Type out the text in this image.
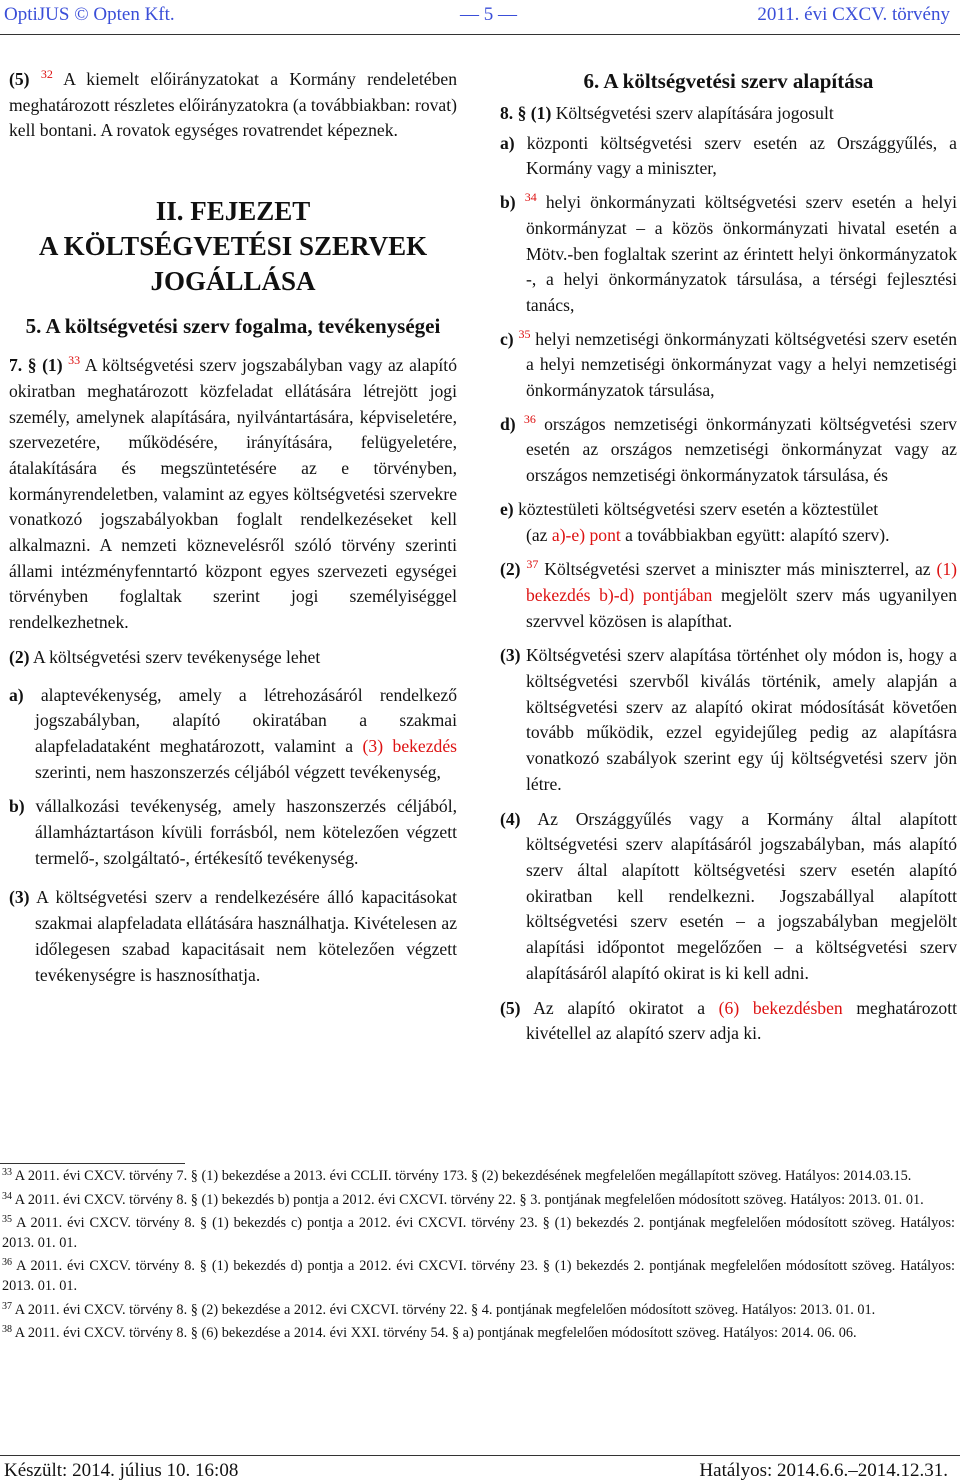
OptiJUS © Opten Kft.	— 5 —	2011. évi CXCV. törvény

(5) $^{32}$ A kiemelt előirányzatokat a Kormány rendeletében meghatározott részletes előirányzatokra (a továbbiakban: rovat) kell bontani. A rovatok egységes rovatrendet képeznek.

II. FEJEZET
A KÖLTSÉGVETÉSI SZERVEK
JOGÁLLÁSA
5. A költségvetési szerv fogalma, tevékenységei

7. § (1) $^{33}$ A költségvetési szerv jogszabályban vagy az alapító okiratban meghatározott közfeladat ellátására létrejött jogi személy, amelynek alapítására, nyilvántartására, képviseletére, szervezetére, működésére, irányítására, felügyeletére, átalakítására és megszüntetésére az e törvényben, kormányrendeletben, valamint az egyes költségvetési szervekre vonatkozó jogszabályokban foglalt rendelkezéseket kell alkalmazni. A nemzeti köznevelésről szóló törvény szerinti állami intézményfenntartó központ egyes szervezeti egységei törvényben foglaltak szerint jogi személyiséggel rendelkezhetnek.

(2) A költségvetési szerv tevékenysége lehet

a) alaptevékenység, amely a létrehozásáról rendelkező jogszabályban, alapító okiratában a szakmai alapfeladataként meghatározott, valamint a (3) bekezdés szerinti, nem haszonszerzés céljából végzett tevékenység,

b) vállalkozási tevékenység, amely haszonszerzés céljából, államháztartáson kívüli forrásból, nem kötelezően végzett termelő-, szolgáltató-, értékesítő tevékenység.

(3) A költségvetési szerv a rendelkezésére álló kapacitásokat szakmai alapfeladata ellátására használhatja. Kivételesen az időlegesen szabad kapacitásait nem kötelezően végzett tevékenységre is hasznosíthatja.

6. A költségvetési szerv alapítása

8. § (1) Költségvetési szerv alapítására jogosult

a) központi költségvetési szerv esetén az Országgyűlés, a Kormány vagy a miniszter,

b) $^{34}$ helyi önkormányzati költségvetési szerv esetén a helyi önkormányzat – a közös önkormányzati hivatal esetén a Mötv.-ben foglaltak szerint az érintett helyi önkormányzatok -, a helyi önkormányzatok társulása, a térségi fejlesztési tanács,

c) $^{35}$ helyi nemzetiségi önkormányzati költségvetési szerv esetén a helyi nemzetiségi önkormányzat vagy a helyi nemzetiségi önkormányzatok társulása,

d) $^{36}$ országos nemzetiségi önkormányzati költségvetési szerv esetén az országos nemzetiségi önkormányzat vagy az országos nemzetiségi önkormányzatok társulása, és

e) köztestületi költségvetési szerv esetén a köztestület

(az a)-e) pont a továbbiakban együtt: alapító szerv).

(2) $^{37}$ Költségvetési szervet a miniszter más miniszterrel, az (1) bekezdés b)-d) pontjában megjelölt szerv más ugyanilyen szervvel közösen is alapíthat.

(3) Költségvetési szerv alapítása történhet oly módon is, hogy a költségvetési szervből kiválás történik, amely alapján a költségvetési szerv az alapító okirat módosítását követően tovább működik, ezzel egyidejűleg pedig az alapításra vonatkozó szabályok szerint egy új költségvetési szerv jön létre.

(4) Az Országgyűlés vagy a Kormány által alapított költségvetési szerv alapításáról jogszabályban, más alapító szerv által alapított költségvetési szerv esetén alapító okiratban kell rendelkezni. Jogszabállyal alapított költségvetési szerv esetén – a jogszabályban megjelölt alapítási időpontot megelőzően – a költségvetési szerv alapításáról alapító okirat is ki kell adni.

(5) Az alapító okiratot a (6) bekezdésben meghatározott kivétellel az alapító szerv adja ki.

$^{33}$ A 2011. évi CXCV. törvény 7. § (1) bekezdése a 2013. évi CCLII. törvény 173. § (2) bekezdésének megfelelően megállapított szöveg. Hatályos: 2014.03.15.

$^{34}$ A 2011. évi CXCV. törvény 8. § (1) bekezdés b) pontja a 2012. évi CXCVI. törvény 22. § 3. pontjának megfelelően módosított szöveg. Hatályos: 2013. 01. 01.

$^{35}$ A 2011. évi CXCV. törvény 8. § (1) bekezdés c) pontja a 2012. évi CXCVI. törvény 23. § (1) bekezdés 2. pontjának megfelelően módosított szöveg. Hatályos: 2013. 01. 01.

$^{36}$ A 2011. évi CXCV. törvény 8. § (1) bekezdés d) pontja a 2012. évi CXCVI. törvény 23. § (1) bekezdés 2. pontjának megfelelően módosított szöveg. Hatályos: 2013. 01. 01.

$^{37}$ A 2011. évi CXCV. törvény 8. § (2) bekezdése a 2012. évi CXCVI. törvény 22. § 4. pontjának megfelelően módosított szöveg. Hatályos: 2013. 01. 01.

$^{38}$ A 2011. évi CXCV. törvény 8. § (6) bekezdése a 2014. évi XXI. törvény 54. § a) pontjának megfelelően módosított szöveg. Hatályos: 2014. 06. 06.

Készült: 2014. július 10. 16:08	Hatályos: 2014.6.6.–2014.12.31.
